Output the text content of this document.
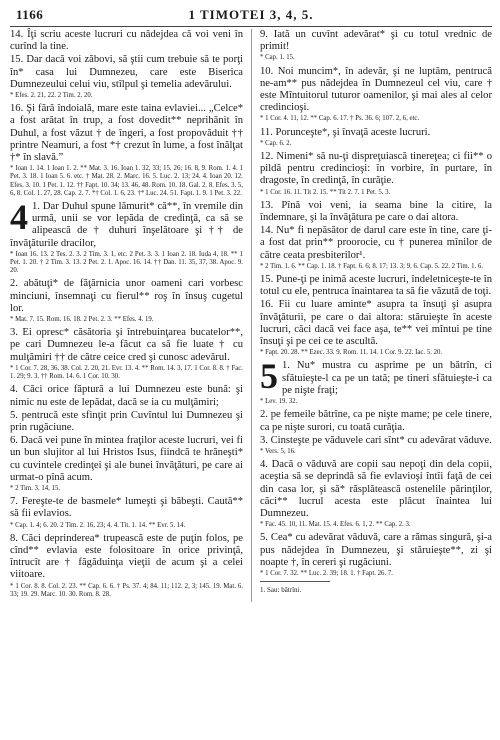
1166	1 TIMOTEI 3, 4, 5.
14. Îţi scriu aceste lucruri cu nădejdea că voi veni în curînd la tine.
15. Dar dacă voi zăbovi, să ştii cum trebuie să te porţi în* casa lui Dumnezeu, care este Biserica Dumnezeului celui viu, stîlpul şi temelia adevărului.
* Efes. 2. 21, 22. 2 Tim. 2. 20.
16. Şi fără îndoială, mare este taina evlaviei... „Celce* a fost arătat în trup, a fost dovedit** neprihănit în Duhul, a fost văzut † de îngeri, a fost propovăduit †† printre Neamuri, a fost *† crezut în lume, a fost înălţat †* în slavă.”
* Ioan 1. 14. 1 Ioan 1. 2. ** Mat. 3. 16. Ioan 1. 32, 33; 15. 26; 16. 8, 9. Rom. 1. 4. 1 Pet. 3. 18. 1 Ioan 5. 6. etc. † Mat. 28. 2. Marc. 16. 5. Luc. 2. 13; 24. 4. Ioan 20. 12. Efes. 3. 10. 1 Pet. 1. 12. †† Fapt. 10. 34; 13. 46, 48. Rom. 10. 18. Gal. 2. 8. Efes. 3. 5, 6, 8. Col. 1. 27, 28. Cap. 2. 7. *† Col. 1. 6, 23. †* Luc. 24. 51. Fapt. 1. 9. 1 Pet. 3. 22.
4 1. Dar Duhul spune lămurit* că**, în vremile din urmă, unii se vor lepăda de credinţă, ca să se alipească de † duhuri înşelătoare şi †† de învăţăturile dracilor,
* Ioan 16. 13. 2 Tes. 2. 3. 2 Tim. 3. 1, etc. 2 Pet. 3. 3. 1 Ioan 2. 18. Iuda 4, 18. ** 1 Pet. 1. 20. † 2 Tim. 3. 13. 2 Pet. 2. 1. Apoc. 16. 14. †† Dan. 11. 35, 37, 38. Apoc. 9. 20.
2. abătuţi* de făţărnicia unor oameni cari vorbesc minciuni, însemnaţi cu fierul** roş în însuş cugetul lor.
* Mat. 7. 15. Rom. 16. 18. 2 Pet. 2. 3. ** Efes. 4. 19.
3. Ei opresc* căsătoria şi întrebuinţarea bucatelor**, pe cari Dumnezeu le-a făcut ca să fie luate † cu mulţămiri †† de către ceice cred şi cunosc adevărul.
* 1 Cor. 7. 28, 36, 38. Col. 2. 20, 21. Evr. 13. 4. ** Rom. 14. 3, 17. 1 Cor. 8. 8. † Fac. 1. 29; 9. 3. †† Rom. 14. 6. 1 Cor. 10. 30.
4. Căci orice făptură a lui Dumnezeu este bună: şi nimic nu este de lepădat, dacă se ia cu mulţămiri;
5. pentrucă este sfinţit prin Cuvîntul lui Dumnezeu şi prin rugăciune.
6. Dacă vei pune în mintea fraţilor aceste lucruri, vei fi un bun slujitor al lui Hristos Isus, fiindcă te hrăneşti* cu cuvintele credinţei şi ale bunei învăţături, pe care ai urmat-o pînă acum.
* 2 Tim. 3. 14, 15.
7. Fereşte-te de basmele* lumeşti şi băbeşti. Caută** să fii evlavios.
* Cap. 1. 4; 6. 20. 2 Tim. 2. 16, 23; 4. 4. Tit. 1. 14. ** Evr. 5. 14.
8. Căci deprinderea* trupească este de puţin folos, pe cînd** evlavia este folositoare în orice privinţă, întrucît are † făgăduinţa vieţii de acum şi a celei viitoare.
* 1 Cor. 8. 8. Col. 2. 23. ** Cap. 6. 6. † Ps. 37. 4; 84. 11; 112. 2, 3; 145. 19. Mat. 6. 33; 19. 29. Marc. 10. 30. Rom. 8. 28.
9. Iată un cuvînt adevărat* şi cu totul vrednic de primit!
* Cap. 1. 15.
10. Noi muncim*, în adevăr, şi ne luptăm, pentrucă ne-am** pus nădejdea în Dumnezeul cel viu, care † este Mîntuitorul tuturor oamenilor, şi mai ales al celor credincioşi.
* 1 Cor. 4. 11, 12. ** Cap. 6. 17. † Ps. 36. 6; 107. 2, 6, etc.
11. Porunceşte*, şi învaţă aceste lucruri.
* Cap. 6. 2.
12. Nimeni* să nu-ţi dispreţuiască tinereţea; ci fii** o pildă pentru credincioşi: în vorbire, în purtare, în dragoste, în credinţă, în curăţie.
* 1 Cor. 16. 11. Tit 2. 15. ** Tit 2. 7. 1 Pet. 5. 3.
13. Pînă voi veni, ia seama bine la citire, la îndemnare, şi la învăţătura pe care o dai altora.
14. Nu* fi nepăsător de darul care este în tine, care ţi-a fost dat prin** proorocie, cu † punerea mînilor de către ceata presbiterilor¹.
* 2 Tim. 1. 6. ** Cap. 1. 18. † Fapt. 6. 6; 8. 17; 13. 3; 9. 6. Cap. 5. 22. 2 Tim. 1. 6.
15. Pune-ţi pe inimă aceste lucruri, îndeletniceşte-te în totul cu ele, pentruca înaintarea ta să fie văzută de toţi.
16. Fii cu luare aminte* asupra ta însuţi şi asupra învăţăturii, pe care o dai altora: stăruieşte în aceste lucruri, căci dacă vei face aşa, te** vei mîntui pe tine însuţi şi pe cei ce te ascultă.
* Fapt. 20. 28. ** Ezec. 33. 9. Rom. 11. 14. 1 Cor. 9. 22. Iac. 5. 20.
5 1. Nu* mustra cu asprime pe un bătrîn, ci sfătuieşte-l ca pe un tată; pe tineri sfătuieşte-i ca pe nişte fraţi;
* Lev. 19. 32.
2. pe femeile bătrîne, ca pe nişte mame; pe cele tinere, ca pe nişte surori, cu toată curăţia.
3. Cinsteşte pe văduvele cari sînt* cu adevărat văduve.
* Vers. 5, 16.
4. Dacă o văduvă are copii sau nepoţi din dela copii, aceştia să se deprindă să fie evlavioşi întîi faţă de cei din casa lor, şi să* răsplătească ostenelile părinţilor, căci** lucrul acesta este plăcut înaintea lui Dumnezeu.
* Fac. 45. 10, 11. Mat. 15. 4. Efes. 6. 1, 2. ** Cap. 2. 3.
5. Cea* cu adevărat văduvă, care a rămas singură, şi-a pus nădejdea în Dumnezeu, şi stăruieşte**, zi şi noapte †, în cereri şi rugăciuni.
* 1 Cor. 7. 32. ** Luc. 2. 39; 18. 1. † Fapt. 26. 7.
1. Sau: bătrîni.
